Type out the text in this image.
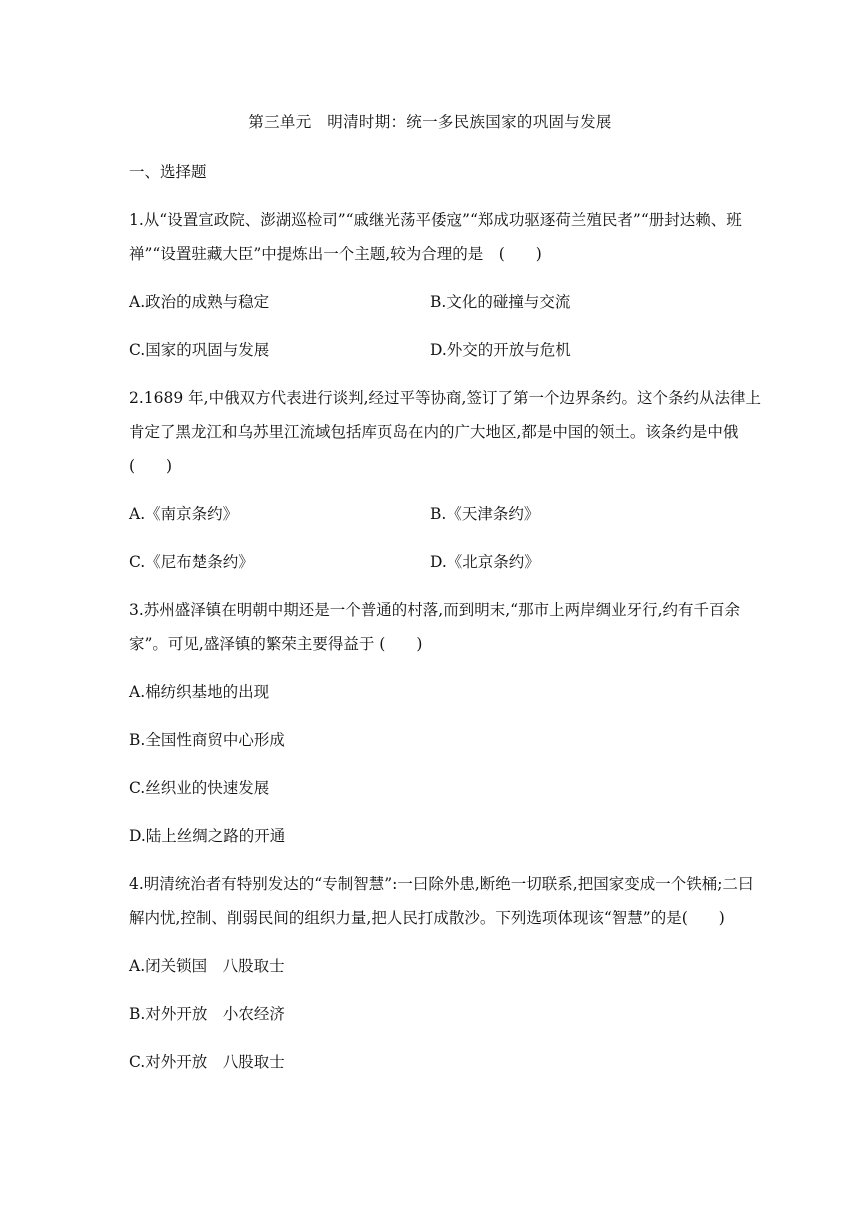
第三单元　明清时期：统一多民族国家的巩固与发展
一、选择题
1.从“设置宣政院、澎湖巡检司”“戚继光荡平倭寇”“郑成功驱逐荷兰殖民者”“册封达赖、班
禅”“设置驻藏大臣”中提炼出一个主题,较为合理的是　(　　)
A.政治的成熟与稳定	B.文化的碰撞与交流
C.国家的巩固与发展	D.外交的开放与危机
2.1689 年,中俄双方代表进行谈判,经过平等协商,签订了第一个边界条约。这个条约从法律上
肯定了黑龙江和乌苏里江流域包括库页岛在内的广大地区,都是中国的领土。该条约是中俄
(　　)
A.《南京条约》	B.《天津条约》
C.《尼布楚条约》	D.《北京条约》
3.苏州盛泽镇在明朝中期还是一个普通的村落,而到明末,“那市上两岸绸业牙行,约有千百余
家”。可见,盛泽镇的繁荣主要得益于 (　　)
A.棉纺织基地的出现
B.全国性商贸中心形成
C.丝织业的快速发展
D.陆上丝绸之路的开通
4.明清统治者有特别发达的“专制智慧”:一曰除外患,断绝一切联系,把国家变成一个铁桶;二曰
解内忧,控制、削弱民间的组织力量,把人民打成散沙。下列选项体现该“智慧”的是(　　)
A.闭关锁国　八股取士
B.对外开放　小农经济
C.对外开放　八股取士
